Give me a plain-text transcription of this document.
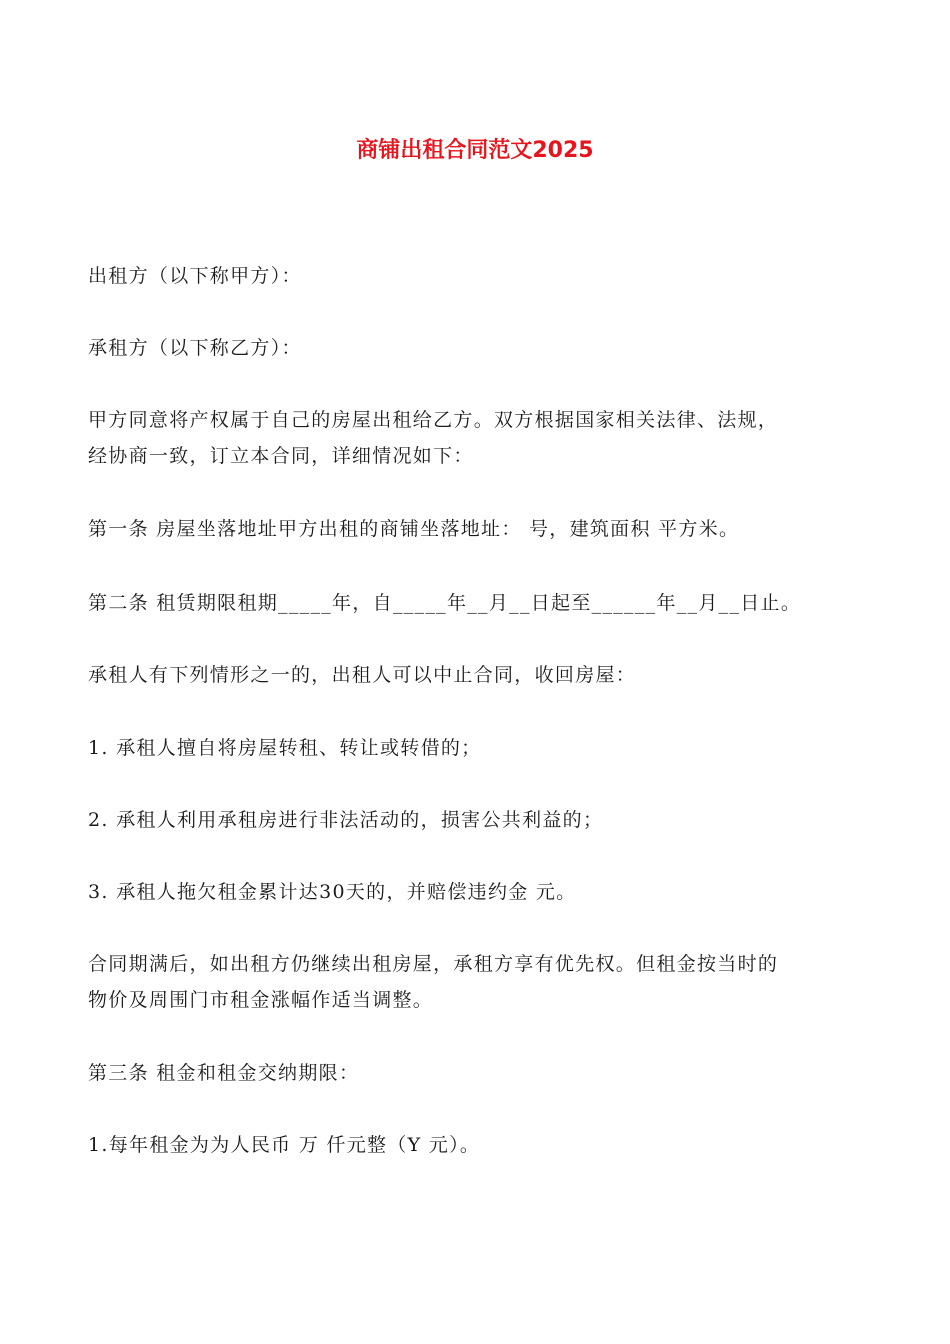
商铺出租合同范文2025
出租方（以下称甲方）：
承租方（以下称乙方）：
甲方同意将产权属于自己的房屋出租给乙方。双方根据国家相关法律、法规，
经协商一致，订立本合同，详细情况如下：
第一条 房屋坐落地址甲方出租的商铺坐落地址： 号，建筑面积 平方米。
第二条 租赁期限租期_____年，自_____年__月__日起至______年__月__日止。
承租人有下列情形之一的，出租人可以中止合同，收回房屋：
1. 承租人擅自将房屋转租、转让或转借的；
2. 承租人利用承租房进行非法活动的，损害公共利益的；
3. 承租人拖欠租金累计达30天的，并赔偿违约金 元。
合同期满后，如出租方仍继续出租房屋，承租方享有优先权。但租金按当时的
物价及周围门市租金涨幅作适当调整。
第三条 租金和租金交纳期限：
1.每年租金为为人民币 万 仟元整（Y 元）。
